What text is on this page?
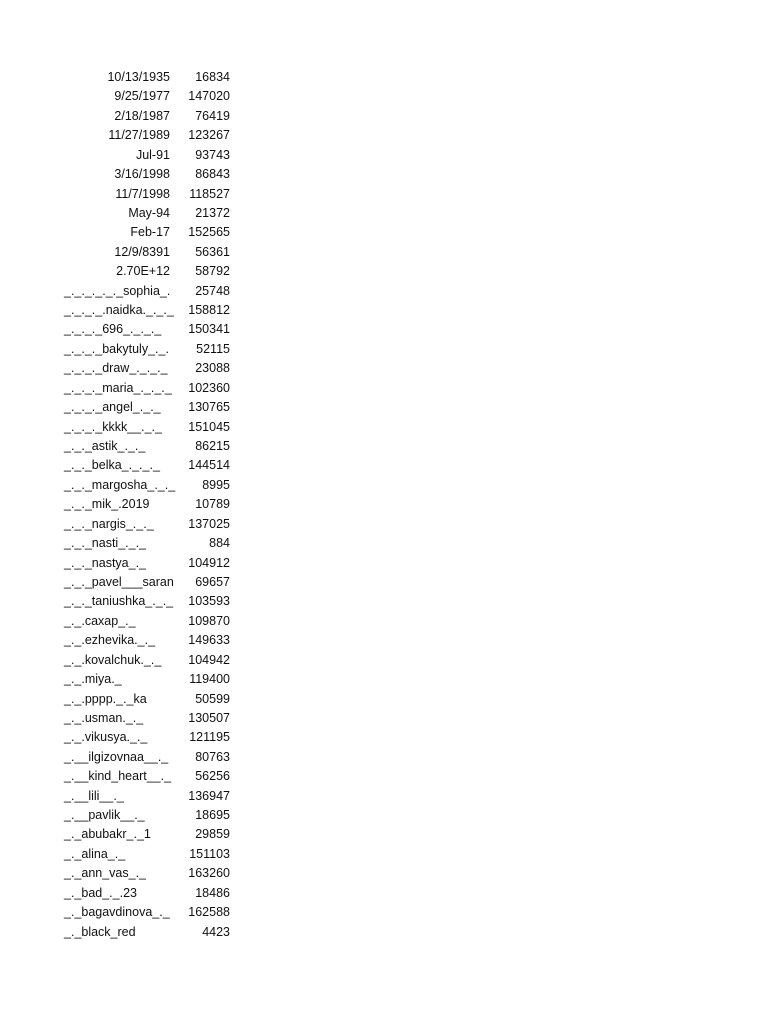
10/13/1935 16834
9/25/1977 147020
2/18/1987 76419
11/27/1989 123267
Jul-91 93743
3/16/1998 86843
11/7/1998 118527
May-94 21372
Feb-17 152565
12/9/8391 56361
2.70E+12 58792
_._._._._._sophia_. 25748
_._._._.naidka._._._ 158812
_._._._696_._._._ 150341
_._._._bakytuly_._. 52115
_._._._draw_._._._ 23088
_._._._maria_._._._ 102360
_._._._angel_._._ 130765
_._._._kkkk__._._ 151045
_._._astik_._._	86215
_._._belka_._._._ 144514
_._._margosha_._._ 8995
_._._mik_.2019	10789
_._._nargis_._._	137025
_._._nasti_._._	884
_._._nastya_._	104912
_._._pavel___saran 69657
_._._taniushka_._._ 103593
_._.caxap_._	109870
_._.ezhevika._._	149633
_._.kovalchuk._._ 104942
_._.miya._	119400
_._.pppp._._ka	50599
_._.usman._._	130507
_._.vikusya._._	121195
_.__ilgizovnaa__._ 80763
_.__kind_heart__._ 56256
_.__lili__._	136947
_.__pavlik__._	18695
_._abubakr_._1	29859
_._alina_._	151103
_._ann_vas_._	163260
_._bad_._.23	18486
_._bagavdinova_._ 162588
_._black_red	4423
